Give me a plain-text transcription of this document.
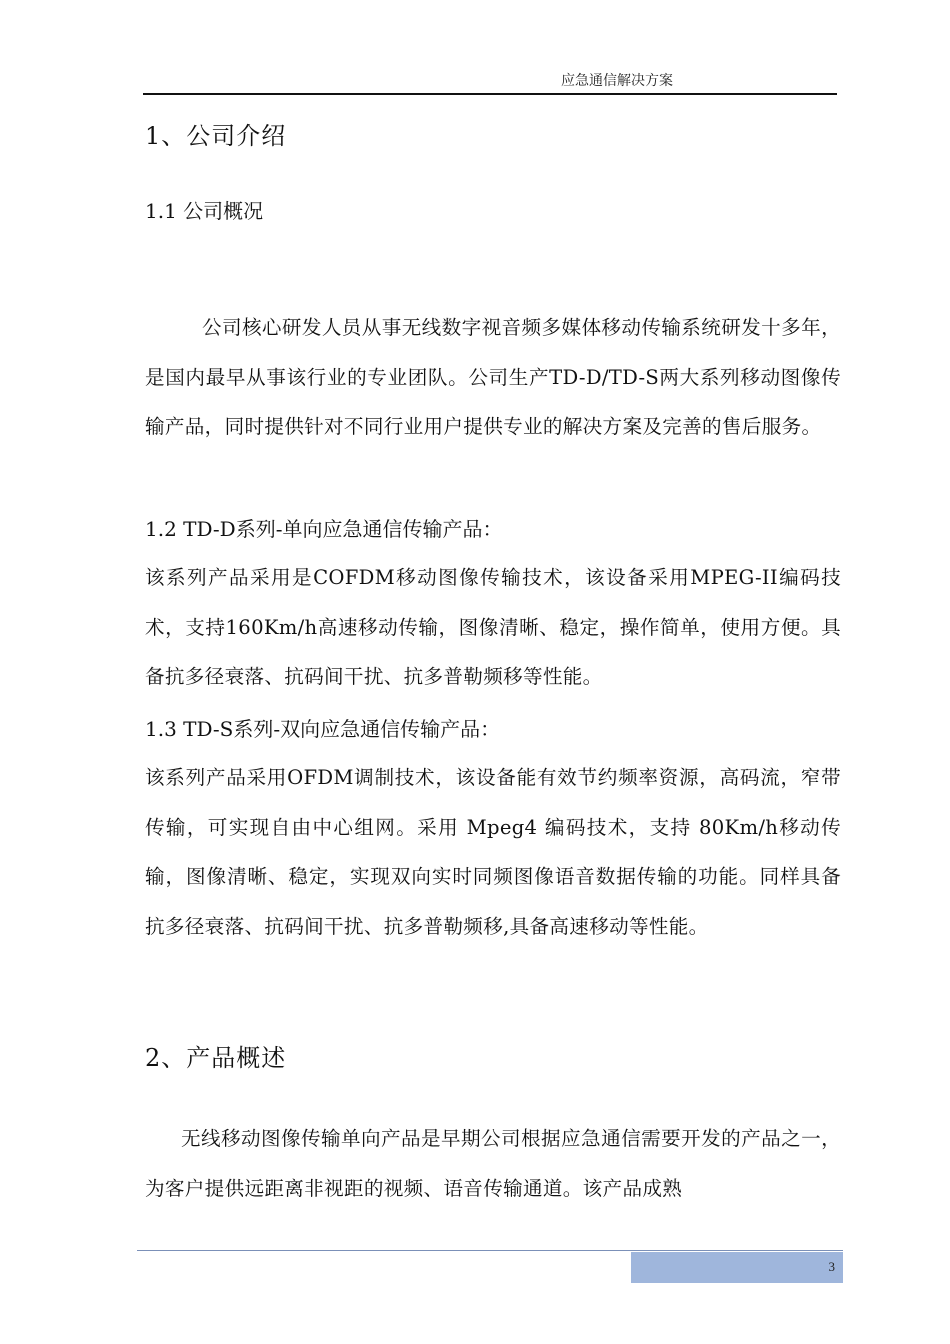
应急通信解决方案
1、公司介绍
1.1 公司概况
公司核心研发人员从事无线数字视音频多媒体移动传输系统研发十多年，是国内最早从事该行业的专业团队。公司生产TD-D/TD-S两大系列移动图像传输产品，同时提供针对不同行业用户提供专业的解决方案及完善的售后服务。
1.2 TD-D系列-单向应急通信传输产品：
该系列产品采用是COFDM移动图像传输技术，该设备采用MPEG-II编码技术，支持160Km/h高速移动传输，图像清晰、稳定，操作简单，使用方便。具备抗多径衰落、抗码间干扰、抗多普勒频移等性能。
1.3 TD-S系列-双向应急通信传输产品：
该系列产品采用OFDM调制技术，该设备能有效节约频率资源，高码流，窄带传输，可实现自由中心组网。采用 Mpeg4 编码技术，支持 80Km/h移动传输，图像清晰、稳定，实现双向实时同频图像语音数据传输的功能。同样具备抗多径衰落、抗码间干扰、抗多普勒频移,具备高速移动等性能。
2、产品概述
无线移动图像传输单向产品是早期公司根据应急通信需要开发的产品之一，为客户提供远距离非视距的视频、语音传输通道。该产品成熟
3
